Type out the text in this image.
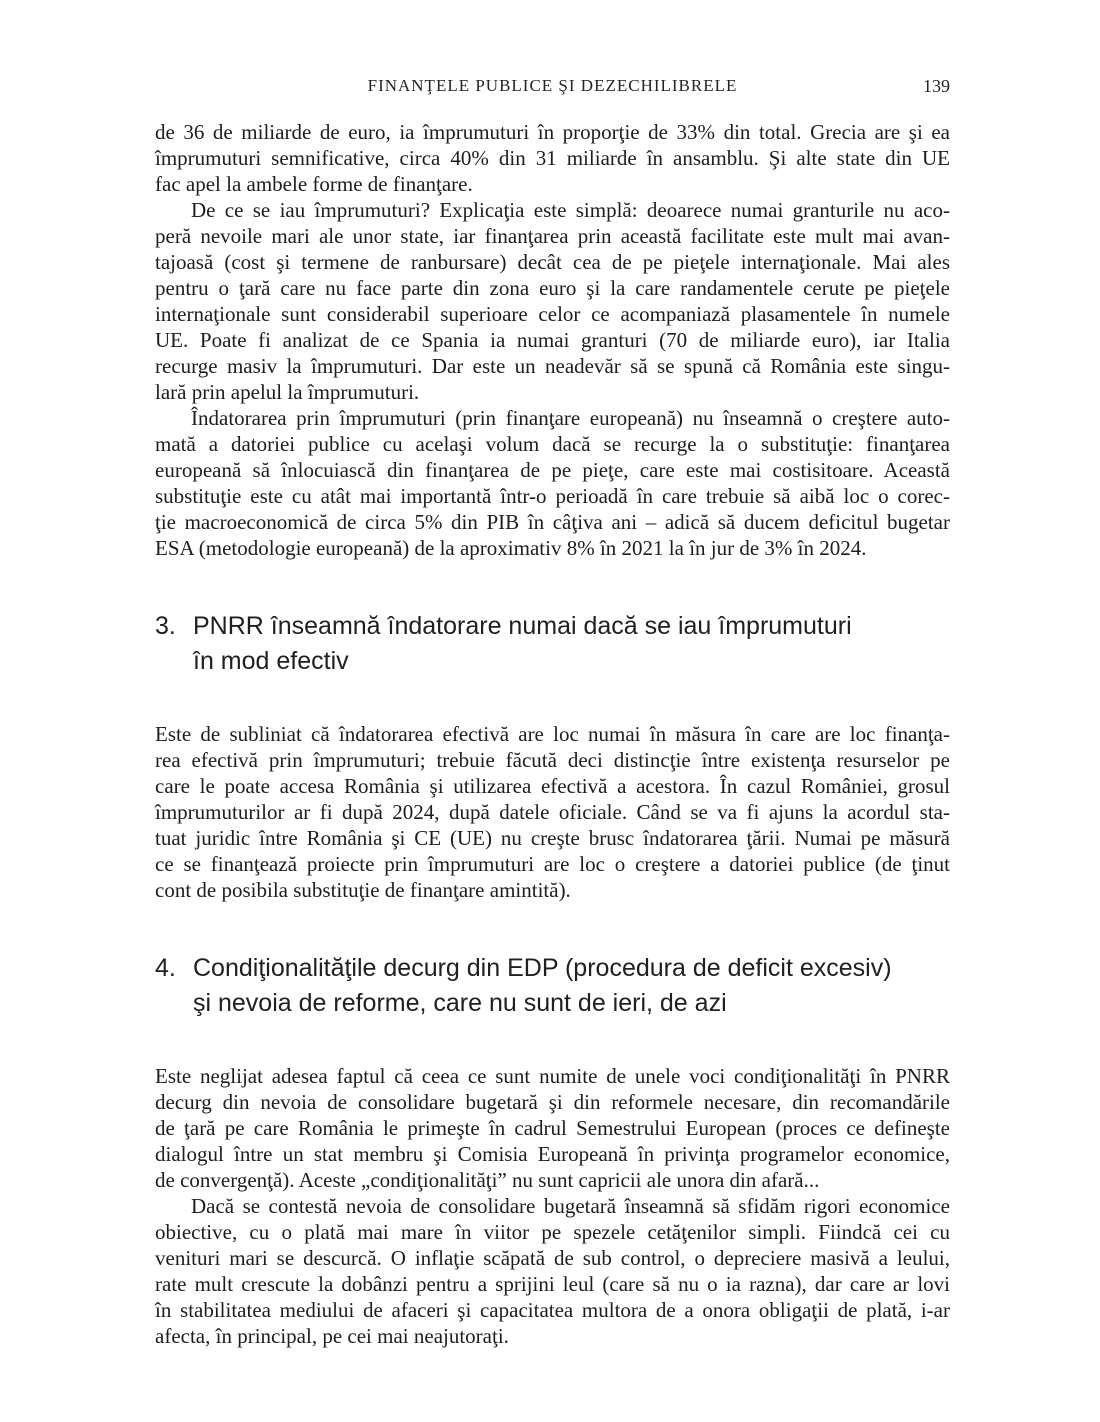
FINANŢELE PUBLICE ŞI DEZECHILIBRELE	139
de 36 de miliarde de euro, ia împrumuturi în proporţie de 33% din total. Grecia are şi ea
împrumuturi semnificative, circa 40% din 31 miliarde în ansamblu. Şi alte state din UE
fac apel la ambele forme de finanţare.
De ce se iau împrumuturi? Explicaţia este simplă: deoarece numai granturile nu aco-
peră nevoile mari ale unor state, iar finanţarea prin această facilitate este mult mai avan-
tajoasă (cost şi termene de ranbursare) decât cea de pe pieţele internaţionale. Mai ales
pentru o ţară care nu face parte din zona euro şi la care randamentele cerute pe pieţele
internaţionale sunt considerabil superioare celor ce acompaniază plasamentele în numele
UE. Poate fi analizat de ce Spania ia numai granturi (70 de miliarde euro), iar Italia
recurge masiv la împrumuturi. Dar este un neadevăr să se spună că România este singu-
lară prin apelul la împrumuturi.
Îndatorarea prin împrumuturi (prin finanţare europeană) nu înseamnă o creştere auto-
mată a datoriei publice cu acelaşi volum dacă se recurge la o substituţie: finanţarea
europeană să înlocuiască din finanţarea de pe pieţe, care este mai costisitoare. Această
substituţie este cu atât mai importantă într-o perioadă în care trebuie să aibă loc o corec-
ţie macroeconomică de circa 5% din PIB în câţiva ani – adică să ducem deficitul bugetar
ESA (metodologie europeană) de la aproximativ 8% în 2021 la în jur de 3% în 2024.
3. PNRR înseamnă îndatorare numai dacă se iau împrumuturi
în mod efectiv
Este de subliniat că îndatorarea efectivă are loc numai în măsura în care are loc finanţa-
rea efectivă prin împrumuturi; trebuie făcută deci distincţie între existenţa resurselor pe
care le poate accesa România şi utilizarea efectivă a acestora. În cazul României, grosul
împrumuturilor ar fi după 2024, după datele oficiale. Când se va fi ajuns la acordul sta-
tuat juridic între România şi CE (UE) nu creşte brusc îndatorarea ţării. Numai pe măsură
ce se finanţează proiecte prin împrumuturi are loc o creştere a datoriei publice (de ţinut
cont de posibila substituţie de finanţare amintită).
4. Condiţionalităţile decurg din EDP (procedura de deficit excesiv)
şi nevoia de reforme, care nu sunt de ieri, de azi
Este neglijat adesea faptul că ceea ce sunt numite de unele voci condiţionalităţi în PNRR
decurg din nevoia de consolidare bugetară şi din reformele necesare, din recomandările
de ţară pe care România le primeşte în cadrul Semestrului European (proces ce defineşte
dialogul între un stat membru şi Comisia Europeană în privinţa programelor economice,
de convergenţă). Aceste „condiţionalităţi” nu sunt capricii ale unora din afară...
Dacă se contestă nevoia de consolidare bugetară înseamnă să sfidăm rigori economice
obiective, cu o plată mai mare în viitor pe spezele cetăţenilor simpli. Fiindcă cei cu
venituri mari se descurcă. O inflaţie scăpată de sub control, o depreciere masivă a leului,
rate mult crescute la dobânzi pentru a sprijini leul (care să nu o ia razna), dar care ar lovi
în stabilitatea mediului de afaceri şi capacitatea multora de a onora obligaţii de plată, i-ar
afecta, în principal, pe cei mai neajutoraţi.
